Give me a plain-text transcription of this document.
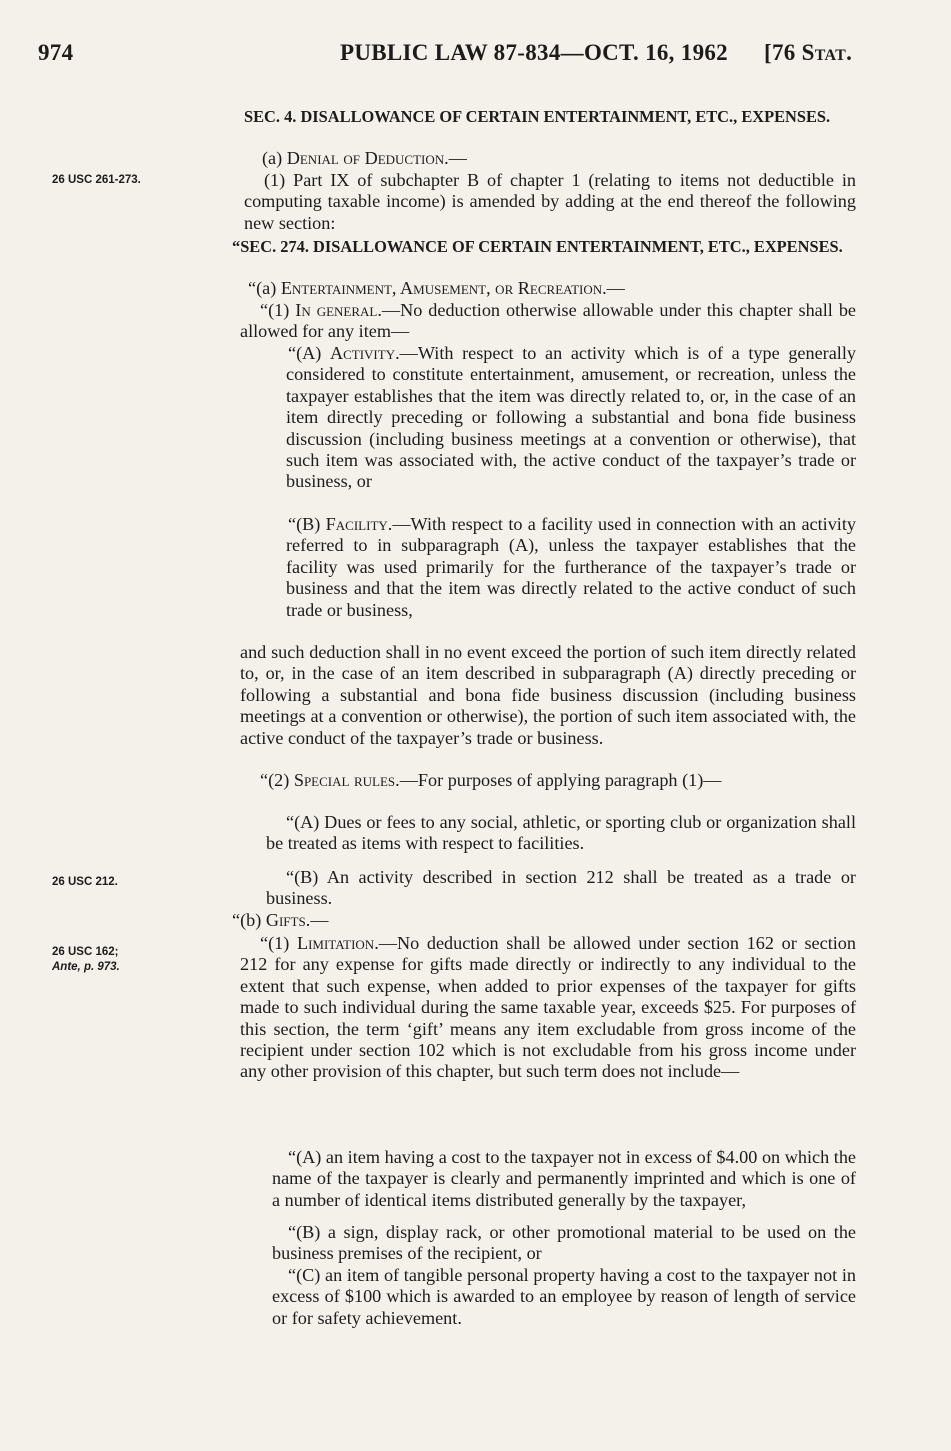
974	PUBLIC LAW 87-834—OCT. 16, 1962 [76 Stat.
26 USC 261-273.
26 USC 212.
26 USC 162;
Ante, p. 973.

SEC. 4. DISALLOWANCE OF CERTAIN ENTERTAINMENT, ETC., EXPENSES.

(a) Denial of Deduction.—

(1) Part IX of subchapter B of chapter 1 (relating to items not deductible in computing taxable income) is amended by adding at the end thereof the following new section:

“SEC. 274. DISALLOWANCE OF CERTAIN ENTERTAINMENT, ETC., EXPENSES.

“(a) Entertainment, Amusement, or Recreation.—

“(1) In general.—No deduction otherwise allowable under this chapter shall be allowed for any item—

“(A) Activity.—With respect to an activity which is of a type generally considered to constitute entertainment, amusement, or recreation, unless the taxpayer establishes that the item was directly related to, or, in the case of an item directly preceding or following a substantial and bona fide business discussion (including business meetings at a convention or otherwise), that such item was associated with, the active conduct of the taxpayer’s trade or business, or

“(B) Facility.—With respect to a facility used in connection with an activity referred to in subparagraph (A), unless the taxpayer establishes that the facility was used primarily for the furtherance of the taxpayer’s trade or business and that the item was directly related to the active conduct of such trade or business,

and such deduction shall in no event exceed the portion of such item directly related to, or, in the case of an item described in subparagraph (A) directly preceding or following a substantial and bona fide business discussion (including business meetings at a convention or otherwise), the portion of such item associated with, the active conduct of the taxpayer’s trade or business.

“(2) Special rules.—For purposes of applying paragraph (1)—

“(A) Dues or fees to any social, athletic, or sporting club or organization shall be treated as items with respect to facilities.

“(B) An activity described in section 212 shall be treated as a trade or business.

“(b) Gifts.—

“(1) Limitation.—No deduction shall be allowed under section 162 or section 212 for any expense for gifts made directly or indirectly to any individual to the extent that such expense, when added to prior expenses of the taxpayer for gifts made to such individual during the same taxable year, exceeds $25. For purposes of this section, the term ‘gift’ means any item excludable from gross income of the recipient under section 102 which is not excludable from his gross income under any other provision of this chapter, but such term does not include—

“(A) an item having a cost to the taxpayer not in excess of $4.00 on which the name of the taxpayer is clearly and permanently imprinted and which is one of a number of identical items distributed generally by the taxpayer,

“(B) a sign, display rack, or other promotional material to be used on the business premises of the recipient, or

“(C) an item of tangible personal property having a cost to the taxpayer not in excess of $100 which is awarded to an employee by reason of length of service or for safety achievement.
